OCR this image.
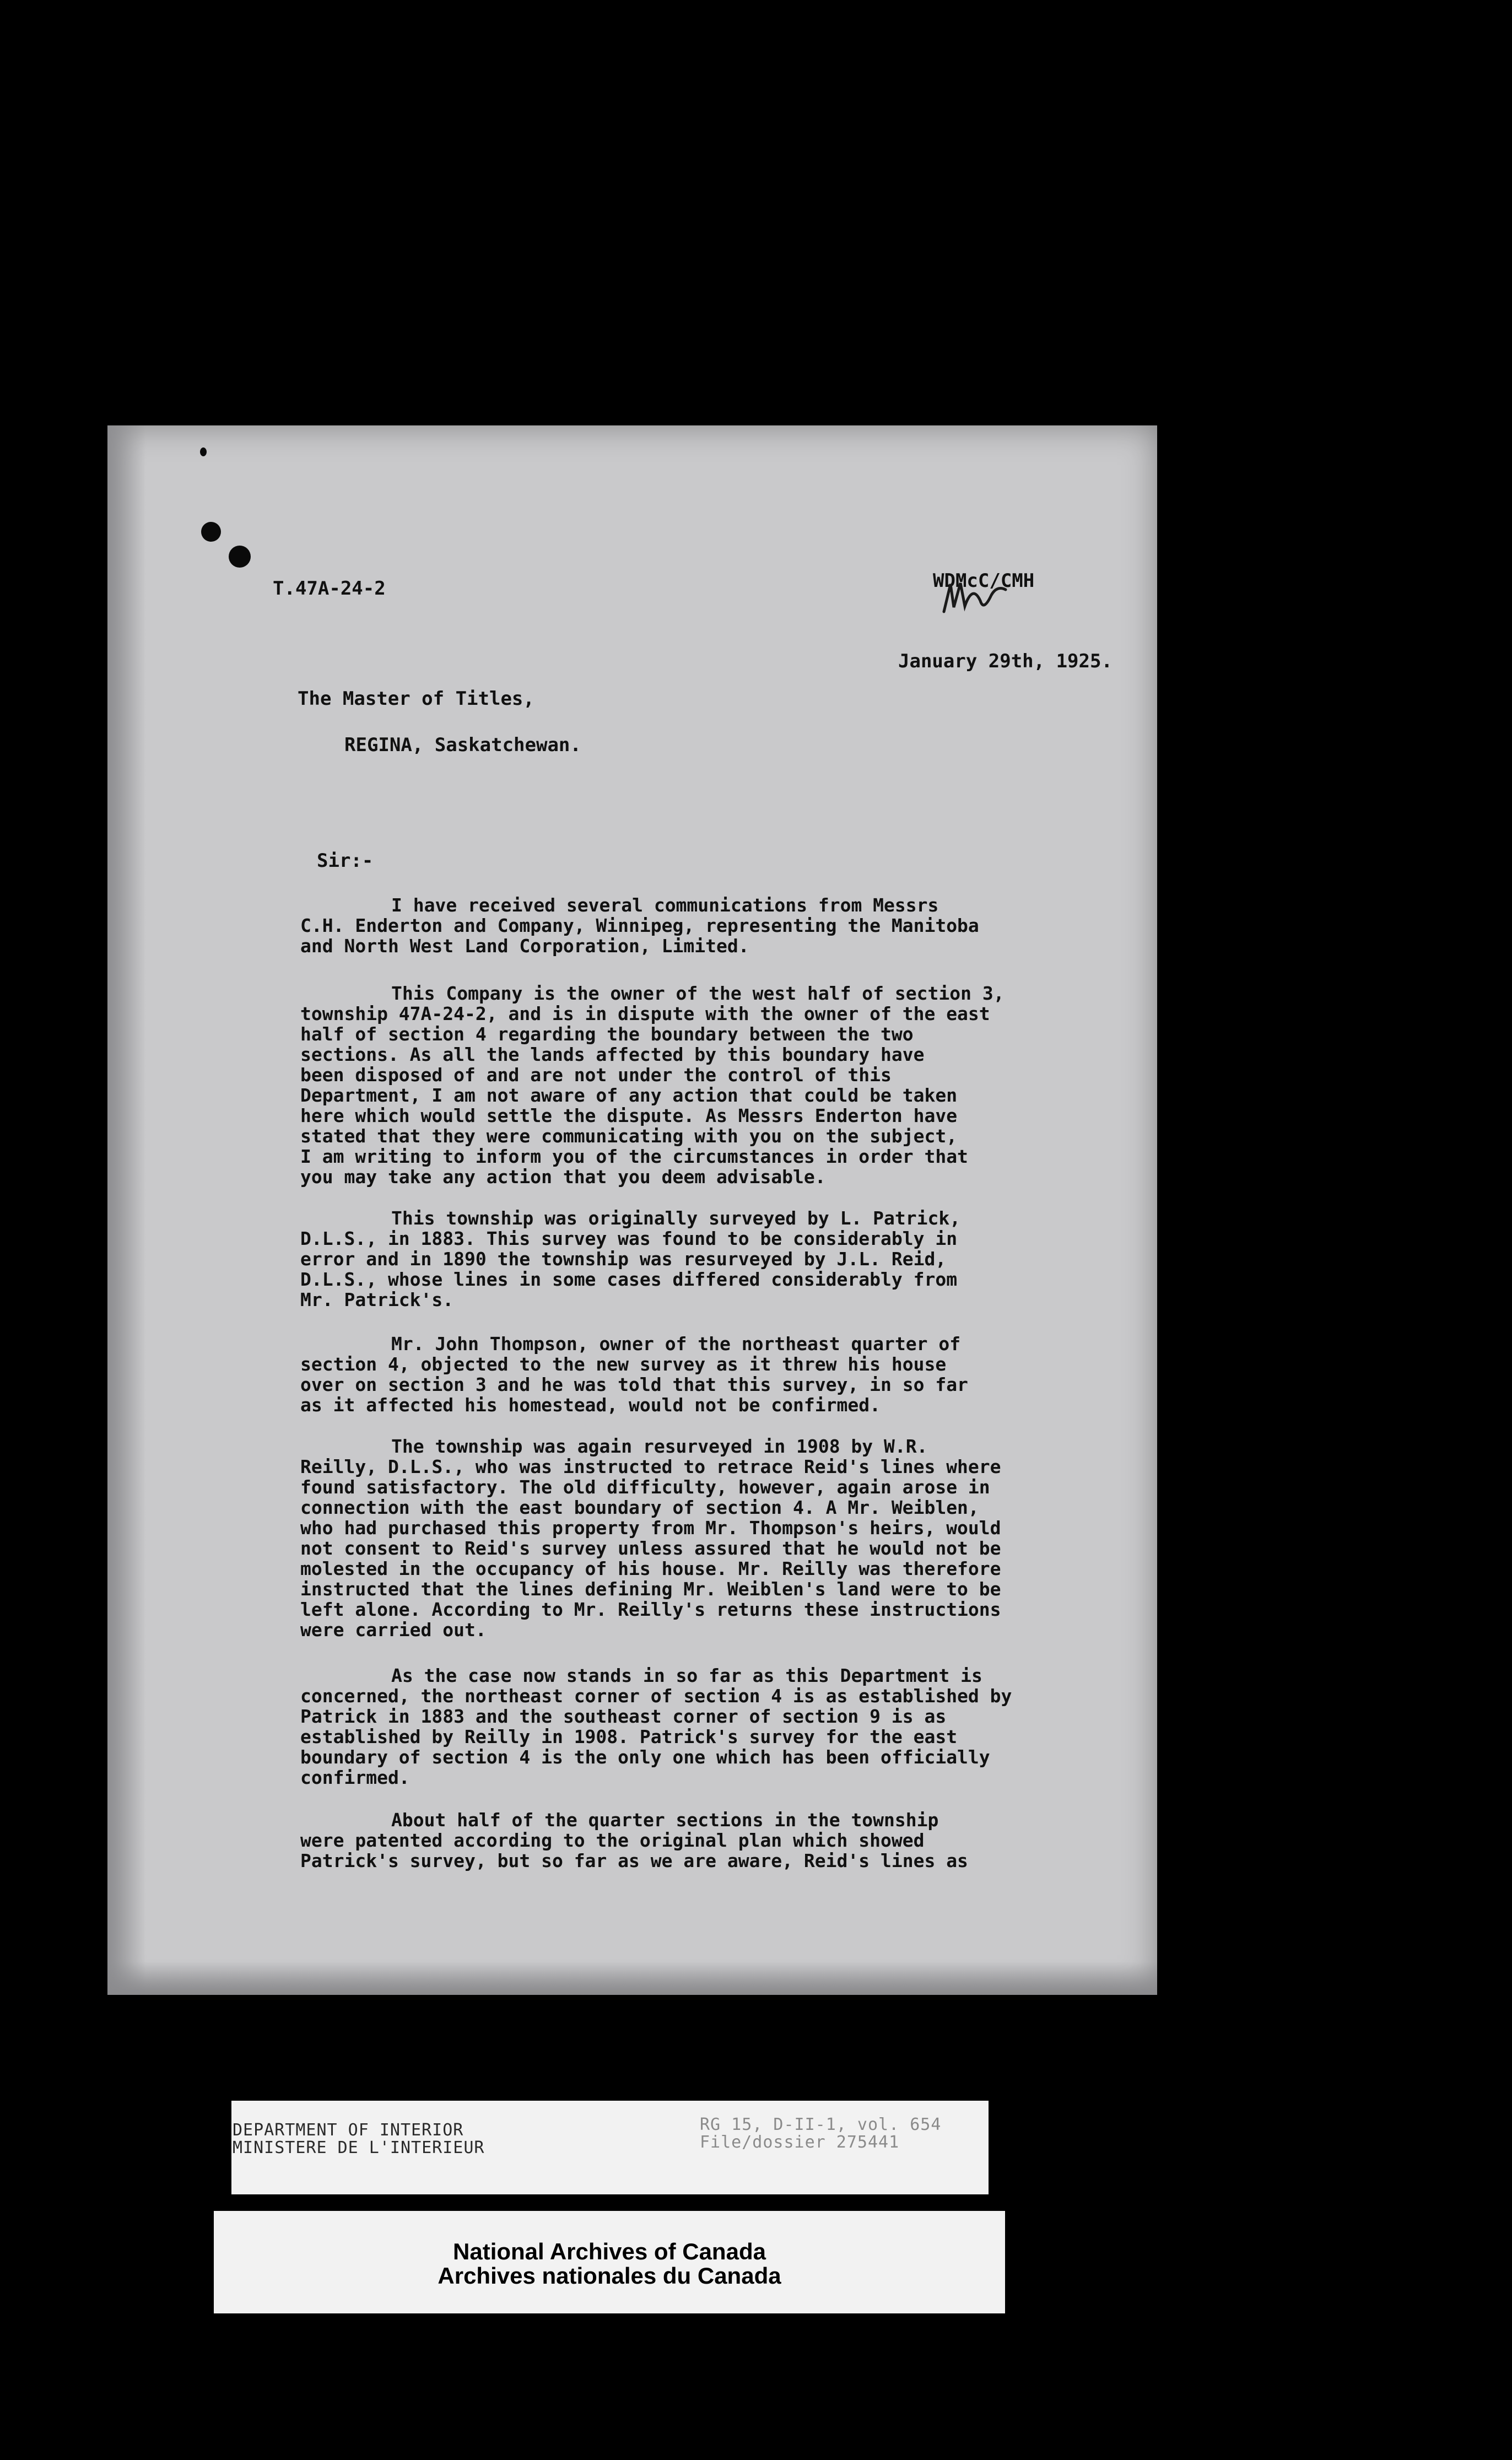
T.47A-24-2	WDMcC/CMH
January 29th, 1925.
The Master of Titles,
REGINA, Saskatchewan.
Sir:-
I have received several communications from Messrs
C.H. Enderton and Company, Winnipeg, representing the Manitoba
and North West Land Corporation, Limited.
This Company is the owner of the west half of section 3,
township 47A-24-2, and is in dispute with the owner of the east
half of section 4 regarding the boundary between the two
sections. As all the lands affected by this boundary have
been disposed of and are not under the control of this
Department, I am not aware of any action that could be taken
here which would settle the dispute. As Messrs Enderton have
stated that they were communicating with you on the subject,
I am writing to inform you of the circumstances in order that
you may take any action that you deem advisable.
This township was originally surveyed by L. Patrick,
D.L.S., in 1883. This survey was found to be considerably in
error and in 1890 the township was resurveyed by J.L. Reid,
D.L.S., whose lines in some cases differed considerably from
Mr. Patrick's.
Mr. John Thompson, owner of the northeast quarter of
section 4, objected to the new survey as it threw his house
over on section 3 and he was told that this survey, in so far
as it affected his homestead, would not be confirmed.
The township was again resurveyed in 1908 by W.R.
Reilly, D.L.S., who was instructed to retrace Reid's lines where
found satisfactory. The old difficulty, however, again arose in
connection with the east boundary of section 4. A Mr. Weiblen,
who had purchased this property from Mr. Thompson's heirs, would
not consent to Reid's survey unless assured that he would not be
molested in the occupancy of his house. Mr. Reilly was therefore
instructed that the lines defining Mr. Weiblen's land were to be
left alone. According to Mr. Reilly's returns these instructions
were carried out.
As the case now stands in so far as this Department is
concerned, the northeast corner of section 4 is as established by
Patrick in 1883 and the southeast corner of section 9 is as
established by Reilly in 1908. Patrick's survey for the east
boundary of section 4 is the only one which has been officially
confirmed.
About half of the quarter sections in the township
were patented according to the original plan which showed
Patrick's survey, but so far as we are aware, Reid's lines as
DEPARTMENT OF INTERIOR
MINISTERE DE L'INTERIEUR
RG 15, D-II-1, vol. 654
File/dossier 275441
National Archives of Canada
Archives nationales du Canada
